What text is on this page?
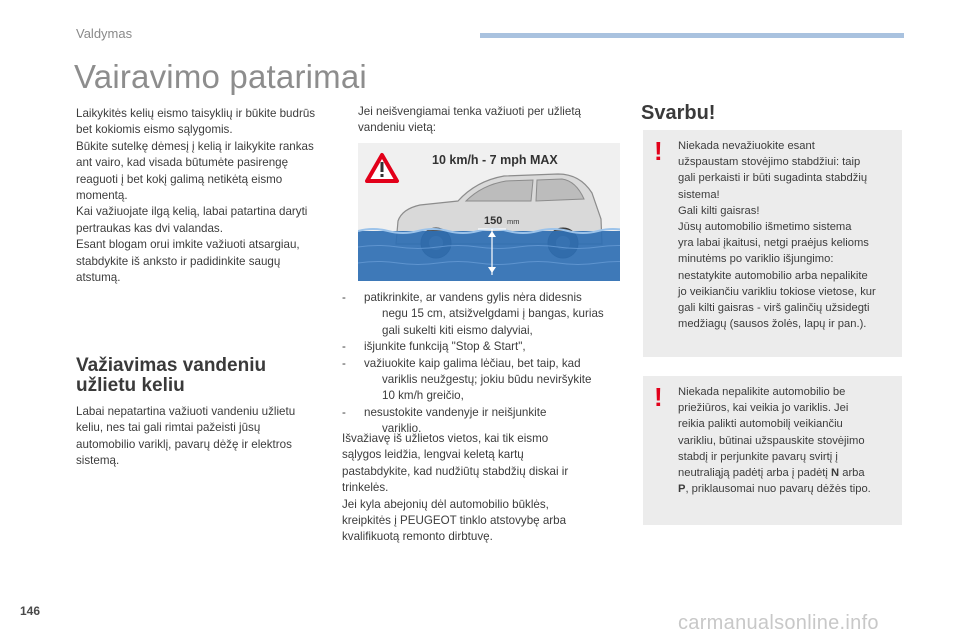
Valdymas
Vairavimo patarimai
Laikykitės kelių eismo taisyklių ir būkite budrūs
bet kokiomis eismo sąlygomis.
Būkite sutelkę dėmesį į kelią ir laikykite rankas
ant vairo, kad visada būtumėte pasirengę
reaguoti į bet kokį galimą netikėtą eismo
momentą.
Kai važiuojate ilgą kelią, labai patartina daryti
pertraukas kas dvi valandas.
Esant blogam orui imkite važiuoti atsargiau,
stabdykite iš anksto ir padidinkite saugų
atstumą.
Važiavimas vandeniu
užlietu keliu
Labai nepatartina važiuoti vandeniu užlietu
keliu, nes tai gali rimtai pažeisti jūsų
automobilio variklį, pavarų dėžę ir elektros
sistemą.
Jei neišvengiamai tenka važiuoti per užlietą
vandeniu vietą:
10 km/h - 7 mph MAX
150 mm
- patikrinkite, ar vandens gylis nėra didesnis
negu 15 cm, atsižvelgdami į bangas, kurias
gali sukelti kiti eismo dalyviai,
- išjunkite funkciją "Stop & Start",
- važiuokite kaip galima lėčiau, bet taip, kad
variklis neužgestų; jokiu būdu neviršykite
10 km/h greičio,
- nesustokite vandenyje ir neišjunkite
variklio.
Išvažiavę iš užlietos vietos, kai tik eismo
sąlygos leidžia, lengvai keletą kartų
pastabdykite, kad nudžiūtų stabdžių diskai ir
trinkelės.
Jei kyla abejonių dėl automobilio būklės,
kreipkitės į PEUGEOT tinklo atstovybę arba
kvalifikuotą remonto dirbtuvę.
Svarbu!
! Niekada nevažiuokite esant
užspaustam stovėjimo stabdžiui: taip
gali perkaisti ir būti sugadinta stabdžių
sistema!
Gali kilti gaisras!
Jūsų automobilio išmetimo sistema
yra labai įkaitusi, netgi praėjus kelioms
minutėms po variklio išjungimo:
nestatykite automobilio arba nepalikite
jo veikiančiu varikliu tokiose vietose, kur
gali kilti gaisras - virš galinčių užsidegti
medžiagų (sausos žolės, lapų ir pan.).
! Niekada nepalikite automobilio be
priežiūros, kai veikia jo variklis. Jei
reikia palikti automobilį veikiančiu
varikliu, būtinai užspauskite stovėjimo
stabdį ir perjunkite pavarų svirtį į
neutraliąją padėtį arba į padėtį N arba
P, priklausomai nuo pavarų dėžės tipo.
146
carmanualsonline.info
